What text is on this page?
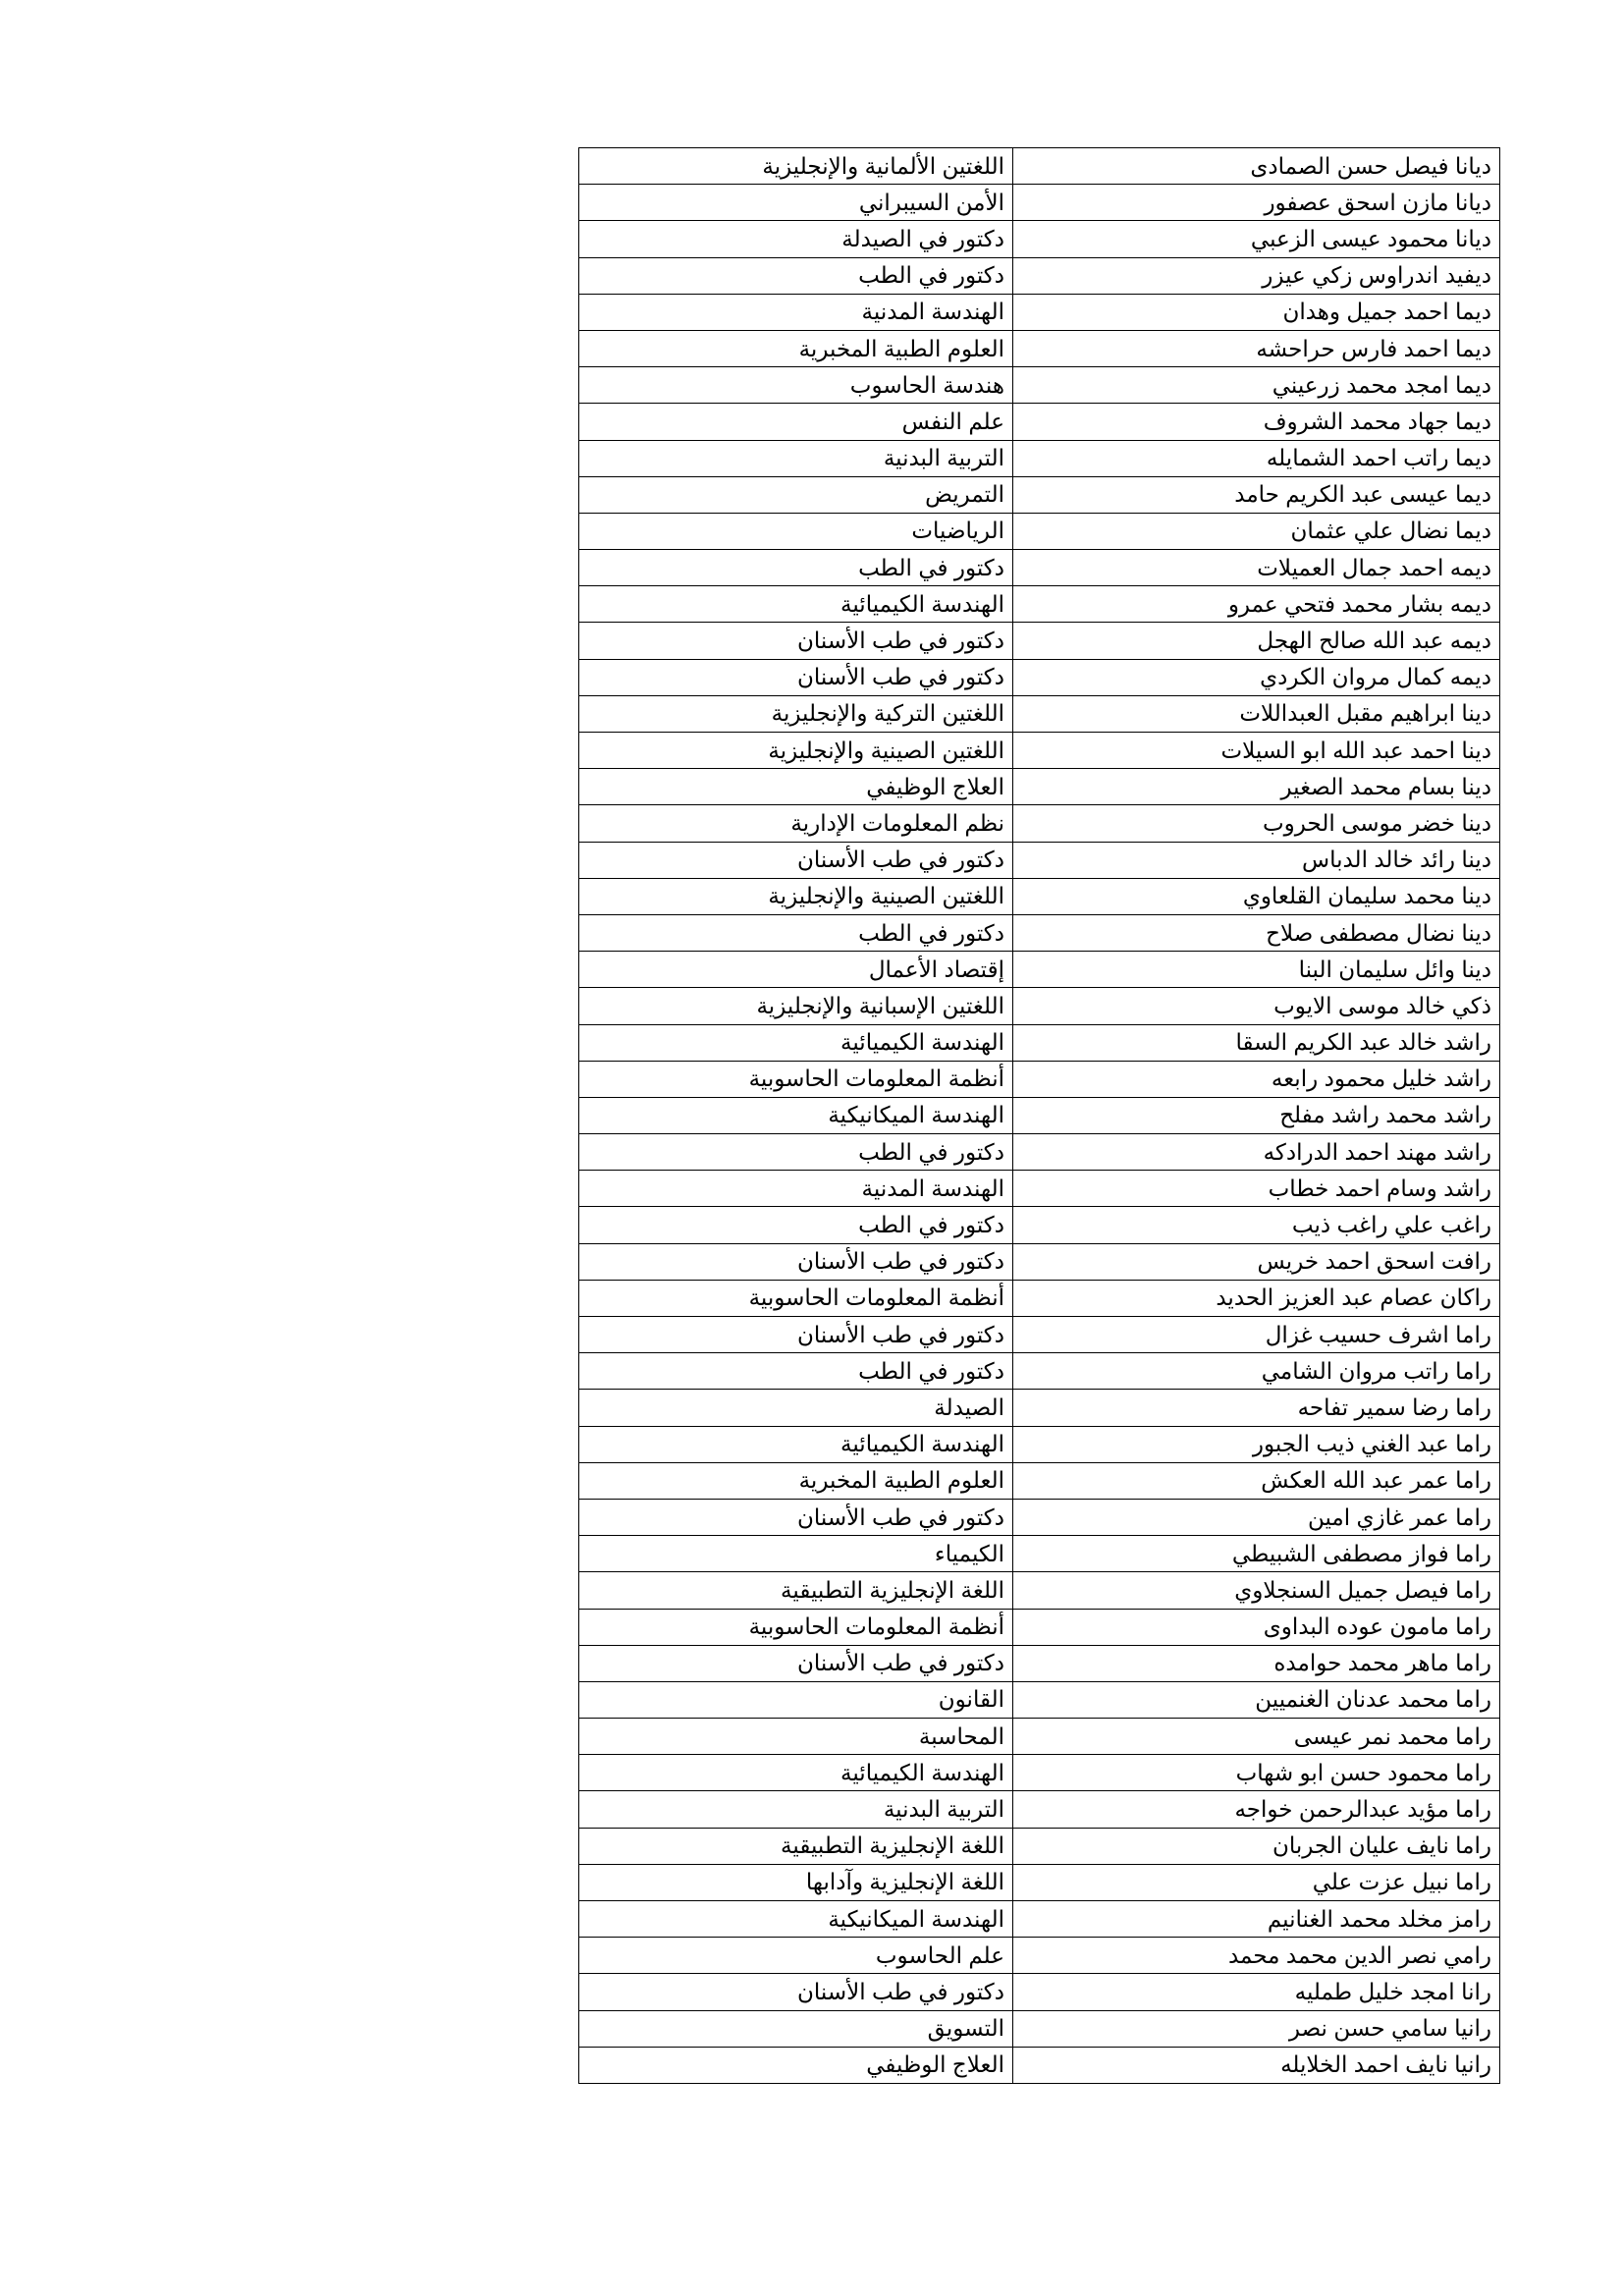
ديانا فيصل حسن الصمادى	اللغتين الألمانية والإنجليزية
ديانا مازن اسحق عصفور	الأمن السيبراني
ديانا محمود عيسى الزعبي	دكتور في الصيدلة
ديفيد اندراوس زكي عيزر	دكتور في الطب
ديما احمد جميل وهدان	الهندسة المدنية
ديما احمد فارس حراحشه	العلوم الطبية المخبرية
ديما امجد محمد زرعيني	هندسة الحاسوب
ديما جهاد محمد الشروف	علم النفس
ديما راتب احمد الشمايله	التربية البدنية
ديما عيسى عبد الكريم حامد	التمريض
ديما نضال علي عثمان	الرياضيات
ديمه احمد جمال العميلات	دكتور في الطب
ديمه بشار محمد فتحي عمرو	الهندسة الكيميائية
ديمه عبد الله صالح الهجل	دكتور في طب الأسنان
ديمه كمال مروان الكردي	دكتور في طب الأسنان
دينا ابراهيم مقبل العبداللات	اللغتين التركية والإنجليزية
دينا احمد عبد الله ابو السيلات	اللغتين الصينية والإنجليزية
دينا بسام محمد الصغير	العلاج الوظيفي
دينا خضر موسى الحروب	نظم المعلومات الإدارية
دينا رائد خالد الدباس	دكتور في طب الأسنان
دينا محمد سليمان القلعاوي	اللغتين الصينية والإنجليزية
دينا نضال مصطفى صلاح	دكتور في الطب
دينا وائل سليمان البنا	إقتصاد الأعمال
ذكي خالد موسى الايوب	اللغتين الإسبانية والإنجليزية
راشد خالد عبد الكريم السقا	الهندسة الكيميائية
راشد خليل محمود رابعه	أنظمة المعلومات الحاسوبية
راشد محمد راشد مفلح	الهندسة الميكانيكية
راشد مهند احمد الدرادكه	دكتور في الطب
راشد وسام احمد خطاب	الهندسة المدنية
راغب علي راغب ذيب	دكتور في الطب
رافت اسحق احمد خريس	دكتور في طب الأسنان
راكان عصام عبد العزيز الحديد	أنظمة المعلومات الحاسوبية
راما اشرف حسيب غزال	دكتور في طب الأسنان
راما راتب مروان الشامي	دكتور في الطب
راما رضا سمير تفاحه	الصيدلة
راما عبد الغني ذيب الجبور	الهندسة الكيميائية
راما عمر عبد الله العكش	العلوم الطبية المخبرية
راما عمر غازي امين	دكتور في طب الأسنان
راما فواز مصطفى الشبيطي	الكيمياء
راما فيصل جميل السنجلاوي	اللغة الإنجليزية التطبيقية
راما مامون عوده البداوى	أنظمة المعلومات الحاسوبية
راما ماهر محمد حوامده	دكتور في طب الأسنان
راما محمد عدنان الغنميين	القانون
راما محمد نمر عيسى	المحاسبة
راما محمود حسن ابو شهاب	الهندسة الكيميائية
راما مؤيد عبدالرحمن خواجه	التربية البدنية
راما نايف عليان الجربان	اللغة الإنجليزية التطبيقية
راما نبيل عزت علي	اللغة الإنجليزية وآدابها
رامز مخلد محمد الغنانيم	الهندسة الميكانيكية
رامي نصر الدين محمد محمد	علم الحاسوب
رانا امجد خليل طمليه	دكتور في طب الأسنان
رانيا سامي حسن نصر	التسويق
رانيا نايف احمد الخلايله	العلاج الوظيفي
